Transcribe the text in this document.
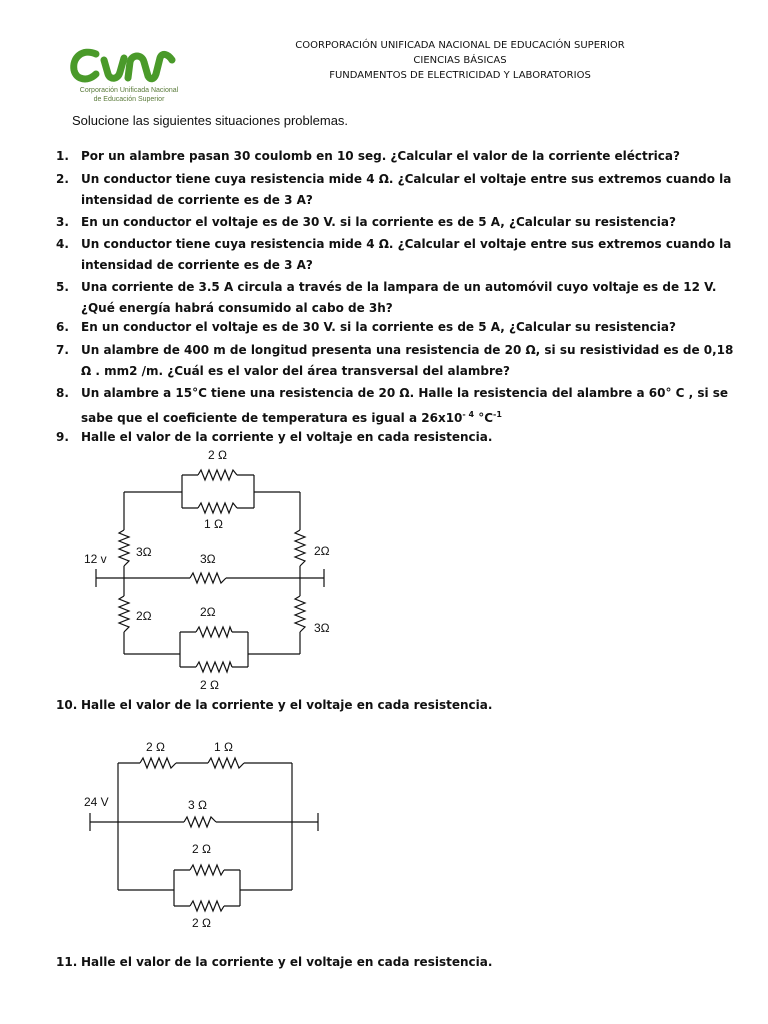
Corporación Unificada Nacional
de Educación Superior
COORPORACIÓN UNIFICADA NACIONAL DE EDUCACIÓN SUPERIOR
CIENCIAS BÁSICAS
FUNDAMENTOS DE ELECTRICIDAD Y LABORATORIOS
Solucione las siguientes situaciones problemas.
1.	Por un alambre pasan 30 coulomb en 10 seg. ¿Calcular el valor de la corriente eléctrica?
2.	Un conductor tiene cuya resistencia mide 4 Ω. ¿Calcular el voltaje entre sus extremos cuando la intensidad de corriente es de 3 A?
3.	En un conductor el voltaje es de 30 V. si la corriente es de 5 A, ¿Calcular su resistencia?
4.	Un conductor tiene cuya resistencia mide 4 Ω. ¿Calcular el voltaje entre sus extremos cuando la intensidad de corriente es de 3 A?
5.	Una corriente de 3.5 A circula a través de la lampara de un automóvil cuyo voltaje es de 12 V. ¿Qué energía habrá consumido al cabo de 3h?
6.	En un conductor el voltaje es de 30 V. si la corriente es de 5 A, ¿Calcular su resistencia?
7.	Un alambre de 400 m de longitud presenta una resistencia de 20 Ω, si su resistividad es de 0,18 Ω . mm2 /m. ¿Cuál es el valor del área transversal del alambre?
8.	Un alambre a 15°C tiene una resistencia de 20 Ω. Halle la resistencia del alambre a 60° C , si se sabe que el coeficiente de temperatura es igual a $26x10^{- 4}$ $^\circ C^{-1}$
9.	Halle el valor de la corriente y el voltaje en cada resistencia.
10. Halle el valor de la corriente y el voltaje en cada resistencia.
11. Halle el valor de la corriente y el voltaje en cada resistencia.
12 v
2 Ω
1 Ω
3Ω	3Ω
2Ω
2Ω	2Ω
3Ω
2 Ω
24 V
2 Ω	1 Ω
3 Ω
2 Ω
2 Ω
